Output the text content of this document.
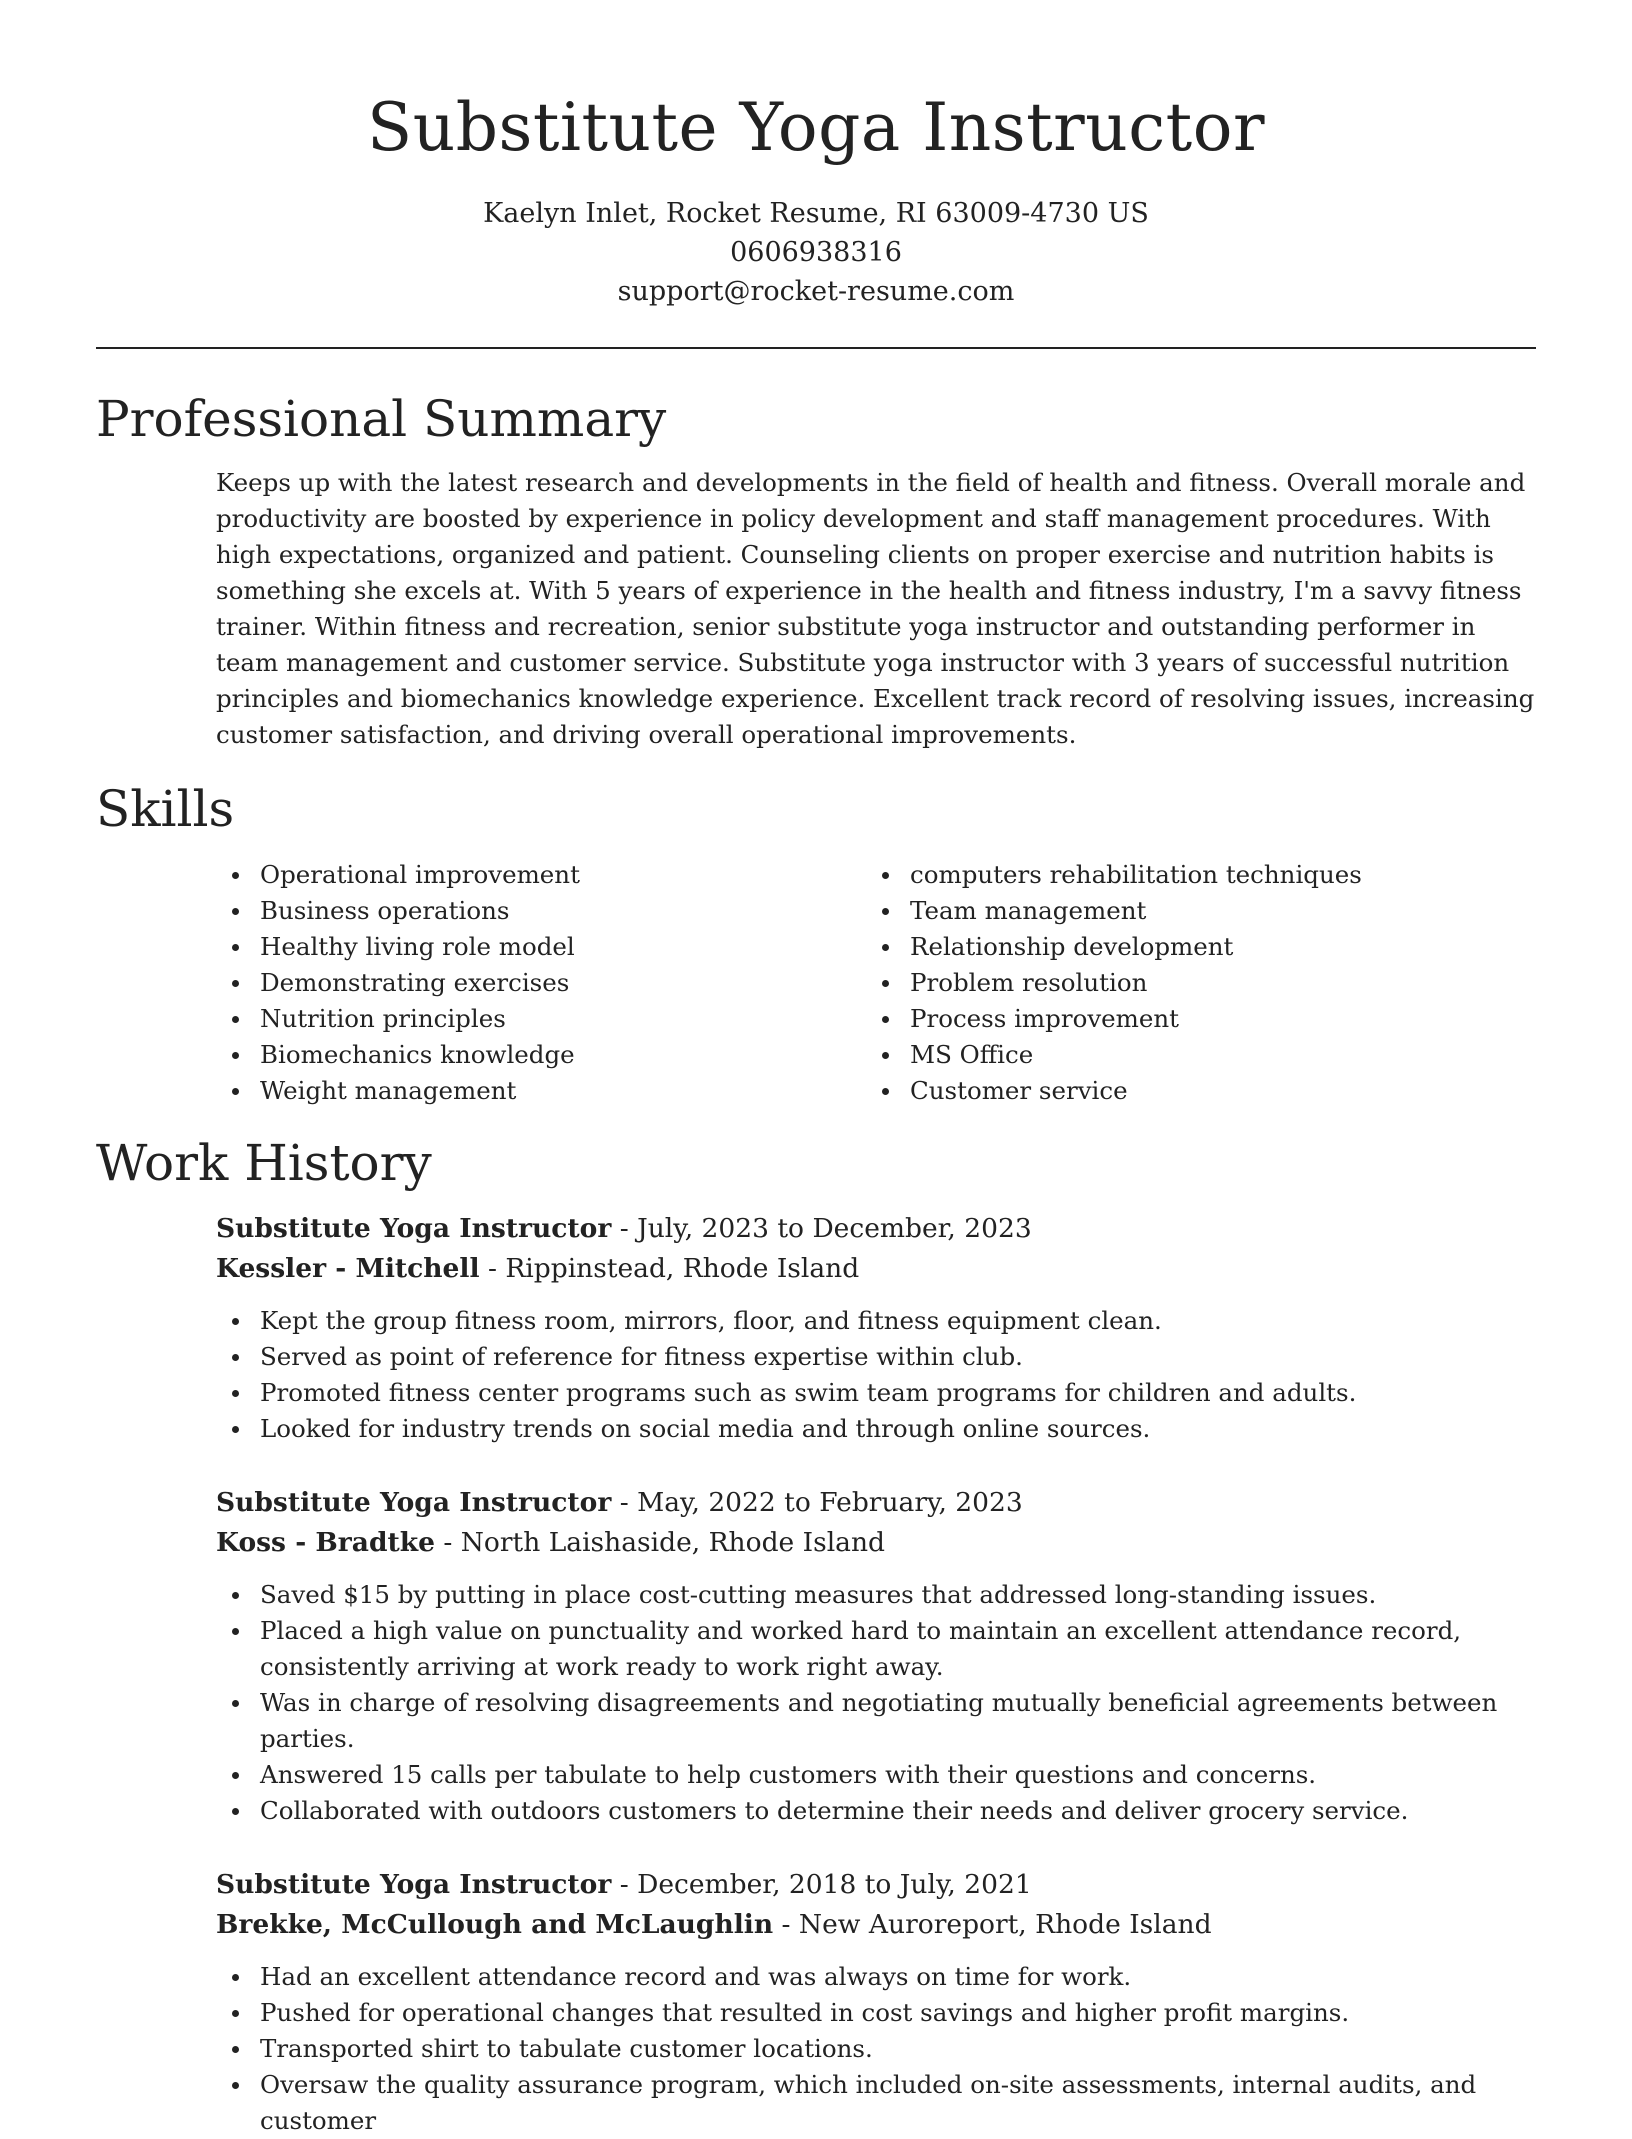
Substitute Yoga Instructor
Kaelyn Inlet, Rocket Resume, RI 63009-4730 US
0606938316
support@rocket-resume.com
Professional Summary

Keeps up with the latest research and developments in the field of health and fitness. Overall morale and productivity are boosted by experience in policy development and staff management procedures. With high expectations, organized and patient. Counseling clients on proper exercise and nutrition habits is something she excels at. With 5 years of experience in the health and fitness industry, I'm a savvy fitness trainer. Within fitness and recreation, senior substitute yoga instructor and outstanding performer in team management and customer service. Substitute yoga instructor with 3 years of successful nutrition principles and biomechanics knowledge experience. Excellent track record of resolving issues, increasing customer satisfaction, and driving overall operational improvements.

Skills
Operational improvement
Business operations
Healthy living role model
Demonstrating exercises
Nutrition principles
Biomechanics knowledge
Weight management
computers rehabilitation techniques
Team management
Relationship development
Problem resolution
Process improvement
MS Office
Customer service
Work History
Substitute Yoga Instructor - July, 2023 to December, 2023
Kessler - Mitchell - Rippinstead, Rhode Island
Kept the group fitness room, mirrors, floor, and fitness equipment clean.
Served as point of reference for fitness expertise within club.
Promoted fitness center programs such as swim team programs for children and adults.
Looked for industry trends on social media and through online sources.
Substitute Yoga Instructor - May, 2022 to February, 2023
Koss - Bradtke - North Laishaside, Rhode Island
Saved $15 by putting in place cost-cutting measures that addressed long-standing issues.
Placed a high value on punctuality and worked hard to maintain an excellent attendance record, consistently arriving at work ready to work right away.
Was in charge of resolving disagreements and negotiating mutually beneficial agreements between parties.
Answered 15 calls per tabulate to help customers with their questions and concerns.
Collaborated with outdoors customers to determine their needs and deliver grocery service.
Substitute Yoga Instructor - December, 2018 to July, 2021
Brekke, McCullough and McLaughlin - New Auroreport, Rhode Island
Had an excellent attendance record and was always on time for work.
Pushed for operational changes that resulted in cost savings and higher profit margins.
Transported shirt to tabulate customer locations.
Oversaw the quality assurance program, which included on-site assessments, internal audits, and customer
